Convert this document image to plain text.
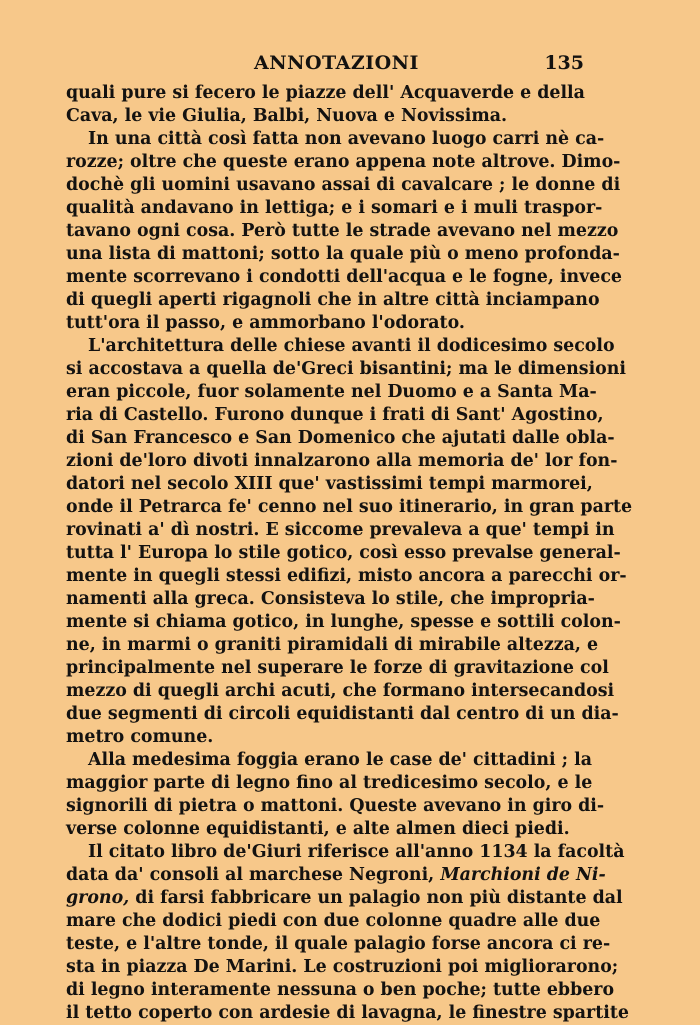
ANNOTAZIONI	135
quali pure si fecero le piazze dell' Acquaverde e della
Cava, le vie Giulia, Balbi, Nuova e Novissima.
In una città così fatta non avevano luogo carri nè ca-
rozze; oltre che queste erano appena note altrove. Dimo-
dochè gli uomini usavano assai di cavalcare ; le donne di
qualità andavano in lettiga; e i somari e i muli traspor-
tavano ogni cosa. Però tutte le strade avevano nel mezzo
una lista di mattoni; sotto la quale più o meno profonda-
mente scorrevano i condotti dell'acqua e le fogne, invece
di quegli aperti rigagnoli che in altre città inciampano
tutt'ora il passo, e ammorbano l'odorato.
L'architettura delle chiese avanti il dodicesimo secolo
si accostava a quella de'Greci bisantini; ma le dimensioni
eran piccole, fuor solamente nel Duomo e a Santa Ma-
ria di Castello. Furono dunque i frati di Sant' Agostino,
di San Francesco e San Domenico che ajutati dalle obla-
zioni de'loro divoti innalzarono alla memoria de' lor fon-
datori nel secolo XIII que' vastissimi tempi marmorei,
onde il Petrarca fe' cenno nel suo itinerario, in gran parte
rovinati a' dì nostri. E siccome prevaleva a que' tempi in
tutta l' Europa lo stile gotico, così esso prevalse general-
mente in quegli stessi edifizi, misto ancora a parecchi or-
namenti alla greca. Consisteva lo stile, che impropria-
mente si chiama gotico, in lunghe, spesse e sottili colon-
ne, in marmi o graniti piramidali di mirabile altezza, e
principalmente nel superare le forze di gravitazione col
mezzo di quegli archi acuti, che formano intersecandosi
due segmenti di circoli equidistanti dal centro di un dia-
metro comune.
Alla medesima foggia erano le case de' cittadini ; la
maggior parte di legno fino al tredicesimo secolo, e le
signorili di pietra o mattoni. Queste avevano in giro di-
verse colonne equidistanti, e alte almen dieci piedi.
Il citato libro de'Giuri riferisce all'anno 1134 la facoltà
data da' consoli al marchese Negroni, Marchioni de Ni-
grono, di farsi fabbricare un palagio non più distante dal
mare che dodici piedi con due colonne quadre alle due
teste, e l'altre tonde, il quale palagio forse ancora ci re-
sta in piazza De Marini. Le costruzioni poi migliorarono;
di legno interamente nessuna o ben poche; tutte ebbero
il tetto coperto con ardesie di lavagna, le finestre spartite
